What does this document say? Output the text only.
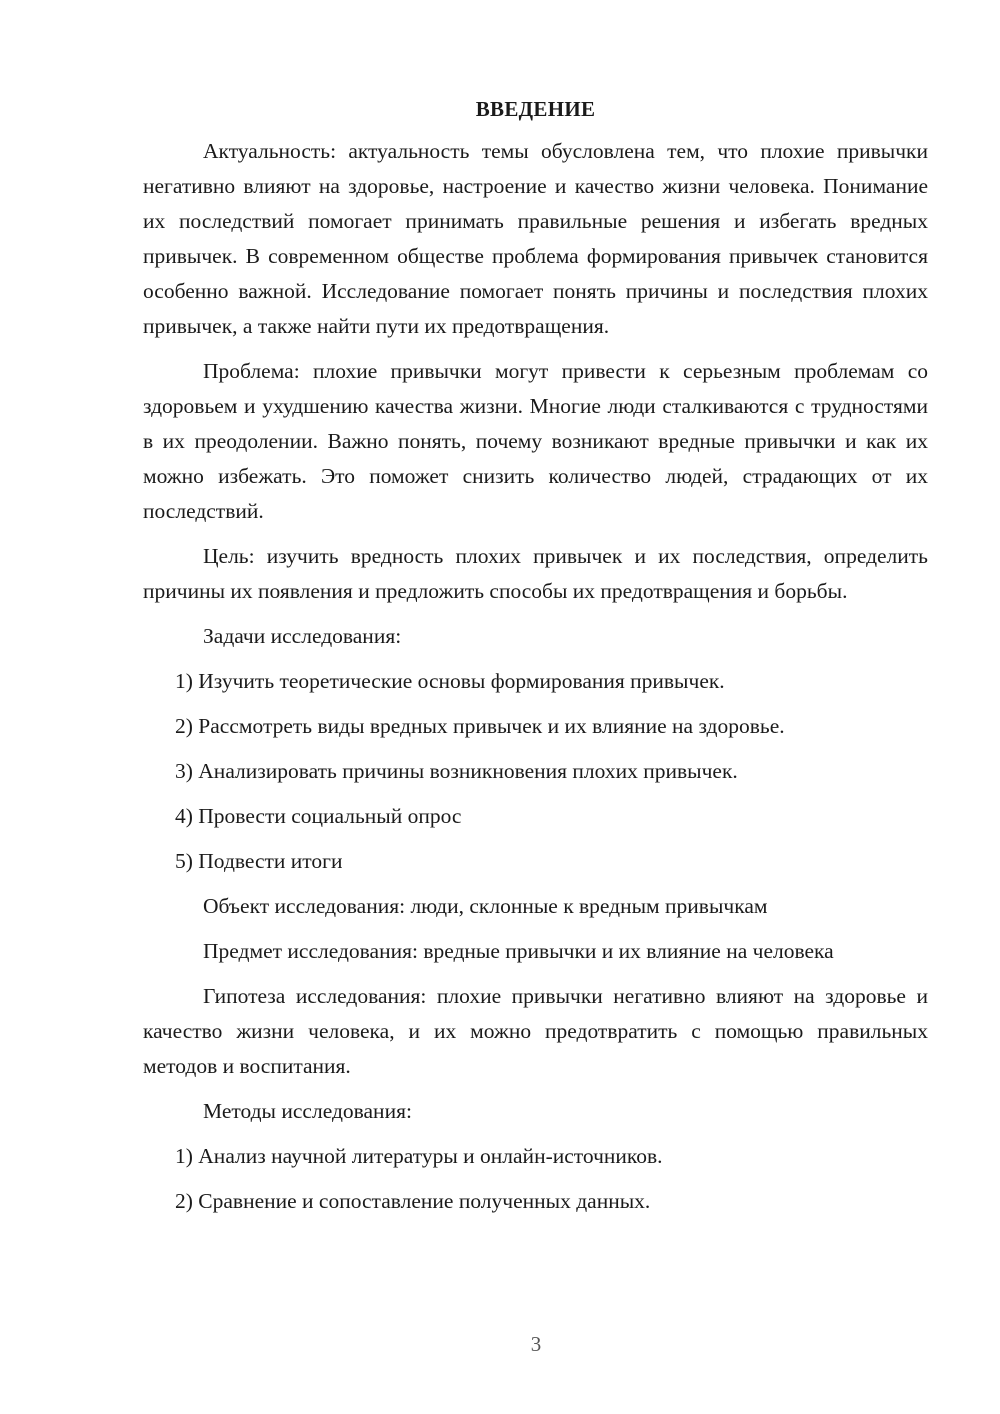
ВВЕДЕНИЕ

Актуальность: актуальность темы обусловлена тем, что плохие привычки негативно влияют на здоровье, настроение и качество жизни человека. Понимание их последствий помогает принимать правильные решения и избегать вредных привычек. В современном обществе проблема формирования привычек становится особенно важной. Исследование помогает понять причины и последствия плохих привычек, а также найти пути их предотвращения.

Проблема: плохие привычки могут привести к серьезным проблемам со здоровьем и ухудшению качества жизни. Многие люди сталкиваются с трудностями в их преодолении. Важно понять, почему возникают вредные привычки и как их можно избежать. Это поможет снизить количество людей, страдающих от их последствий.

Цель: изучить вредность плохих привычек и их последствия, определить причины их появления и предложить способы их предотвращения и борьбы.

Задачи исследования:

1) Изучить теоретические основы формирования привычек.

2) Рассмотреть виды вредных привычек и их влияние на здоровье.

3) Анализировать причины возникновения плохих привычек.

4) Провести социальный опрос

5) Подвести итоги

Объект исследования: люди, склонные к вредным привычкам

Предмет исследования: вредные привычки и их влияние на человека

Гипотеза исследования: плохие привычки негативно влияют на здоровье и качество жизни человека, и их можно предотвратить с помощью правильных методов и воспитания.

Методы исследования:

1) Анализ научной литературы и онлайн-источников.

2) Сравнение и сопоставление полученных данных.

3
